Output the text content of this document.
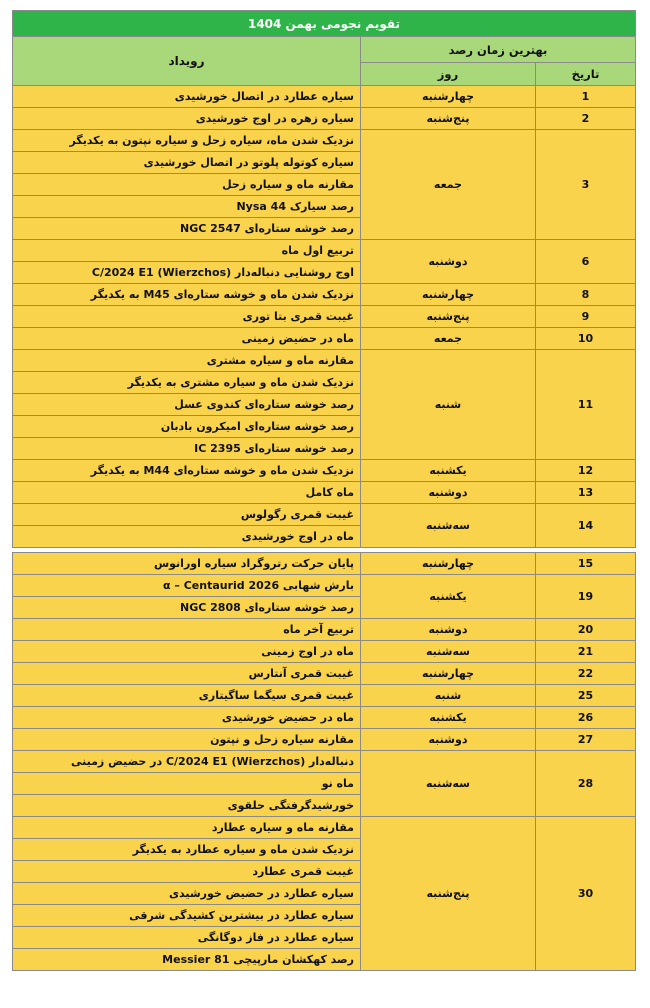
تقویم نجومی بهمن 1404		
بهترین زمان رصد		رویداد
تاریخ	روز	
1	چهارشنبه	سیاره عطارد در اتصال خورشیدی
2	پنج‌شنبه	سیاره زهره در اوج خورشیدی
3	جمعه	نزدیک شدن ماه، سیاره زحل و سیاره نپتون به یکدیگر
		سیاره کوتوله پلوتو در اتصال خورشیدی
		مقارنه ماه و سیاره زحل
		رصد سیارک 44 Nysa
		رصد خوشه ستاره‌ای NGC 2547
6	دوشنبه	تربیع اول ماه
		اوج روشنایی دنباله‌دار (Wierzchos) C/2024 E1
8	چهارشنبه	نزدیک شدن ماه و خوشه ستاره‌ای M45 به یکدیگر
9	پنج‌شنبه	غیبت قمری بتا توری
10	جمعه	ماه در حضیض زمینی
11	شنبه	مقارنه ماه و سیاره مشتری
		نزدیک شدن ماه و سیاره مشتری به یکدیگر
		رصد خوشه ستاره‌ای کندوی عسل
		رصد خوشه ستاره‌ای امیکرون بادبان
		رصد خوشه ستاره‌ای IC 2395
12	یکشنبه	نزدیک شدن ماه و خوشه ستاره‌ای M44 به یکدیگر
13	دوشنبه	ماه کامل
14	سه‌شنبه	غیبت قمری رگولوس
		ماه در اوج خورشیدی

15	چهارشنبه	پایان حرکت رتروگراد سیاره اورانوس
19	یکشنبه	بارش شهابی α – Centaurid 2026
		رصد خوشه ستاره‌ای NGC 2808
20	دوشنبه	تربیع آخر ماه
21	سه‌شنبه	ماه در اوج زمینی
22	چهارشنبه	غیبت قمری آنتارس
25	شنبه	غیبت قمری سیگما ساگیتاری
26	یکشنبه	ماه در حضیض خورشیدی
27	دوشنبه	مقارنه سیاره زحل و نپتون
28	سه‌شنبه	دنباله‌دار (Wierzchos) C/2024 E1 در حضیض زمینی
		ماه نو
		خورشیدگرفتگی حلقوی
30	پنج‌شنبه	مقارنه ماه و سیاره عطارد
		نزدیک شدن ماه و سیاره عطارد به یکدیگر
		غیبت قمری عطارد
		سیاره عطارد در حضیض خورشیدی
		سیاره عطارد در بیشترین کشیدگی شرقی
		سیاره عطارد در فاز دوگانگی
		رصد کهکشان مارپیچی Messier 81
